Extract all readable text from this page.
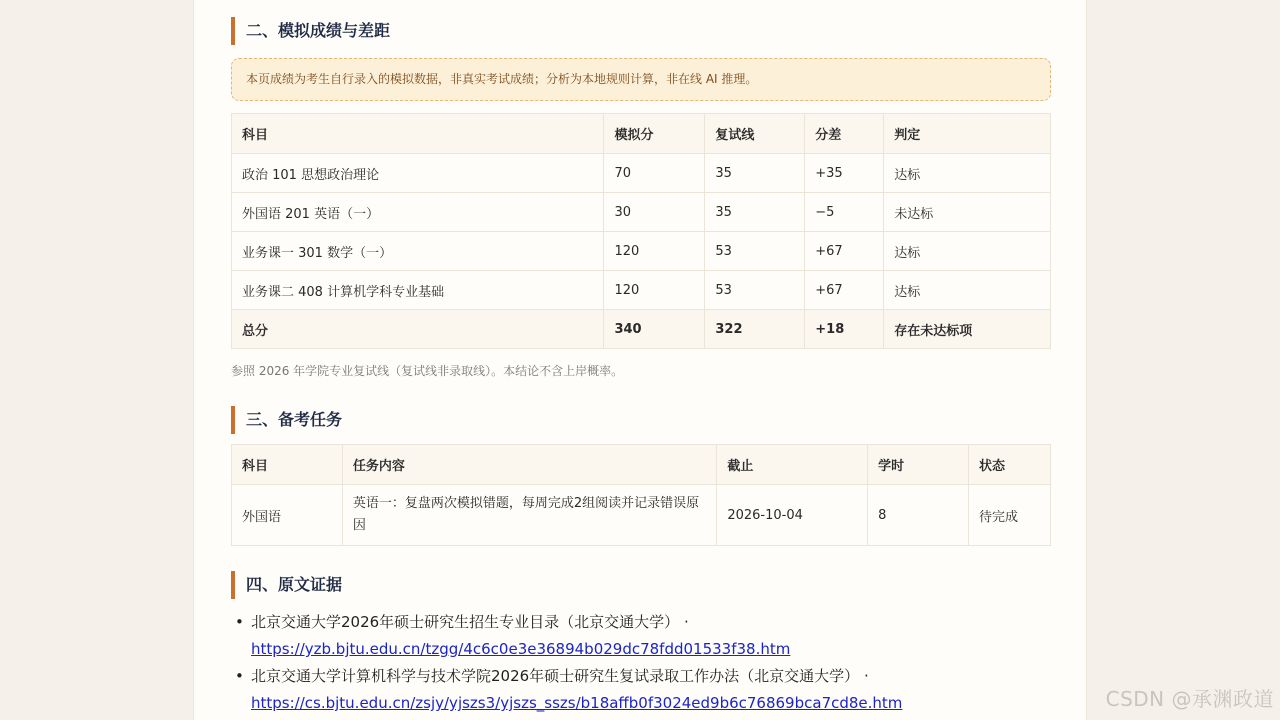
二、模拟成绩与差距
本页成绩为考生自行录入的模拟数据，非真实考试成绩；分析为本地规则计算，非在线 AI 推理。
科目	模拟分	复试线	分差	判定
政治 101 思想政治理论	70	35	+35	达标
外国语 201 英语（一）	30	35	−5	未达标
业务课一 301 数学（一）	120	53	+67	达标
业务课二 408 计算机学科专业基础	120	53	+67	达标
总分	340	322	+18	存在未达标项
参照 2026 年学院专业复试线（复试线非录取线）。本结论不含上岸概率。
三、备考任务
科目	任务内容	截止	学时	状态
外国语	英语一：复盘两次模拟错题，每周完成2组阅读并记录错误原因	2026-10-04	8	待完成
四、原文证据
• 北京交通大学2026年硕士研究生招生专业目录（北京交通大学） ·
https://yzb.bjtu.edu.cn/tzgg/4c6c0e3e36894b029dc78fdd01533f38.htm
• 北京交通大学计算机科学与技术学院2026年硕士研究生复试录取工作办法（北京交通大学） ·
https://cs.bjtu.edu.cn/zsjy/yjszs3/yjszs_sszs/b18affb0f3024ed9b6c76869bca7cd8e.htm	CSDN @承渊政道
